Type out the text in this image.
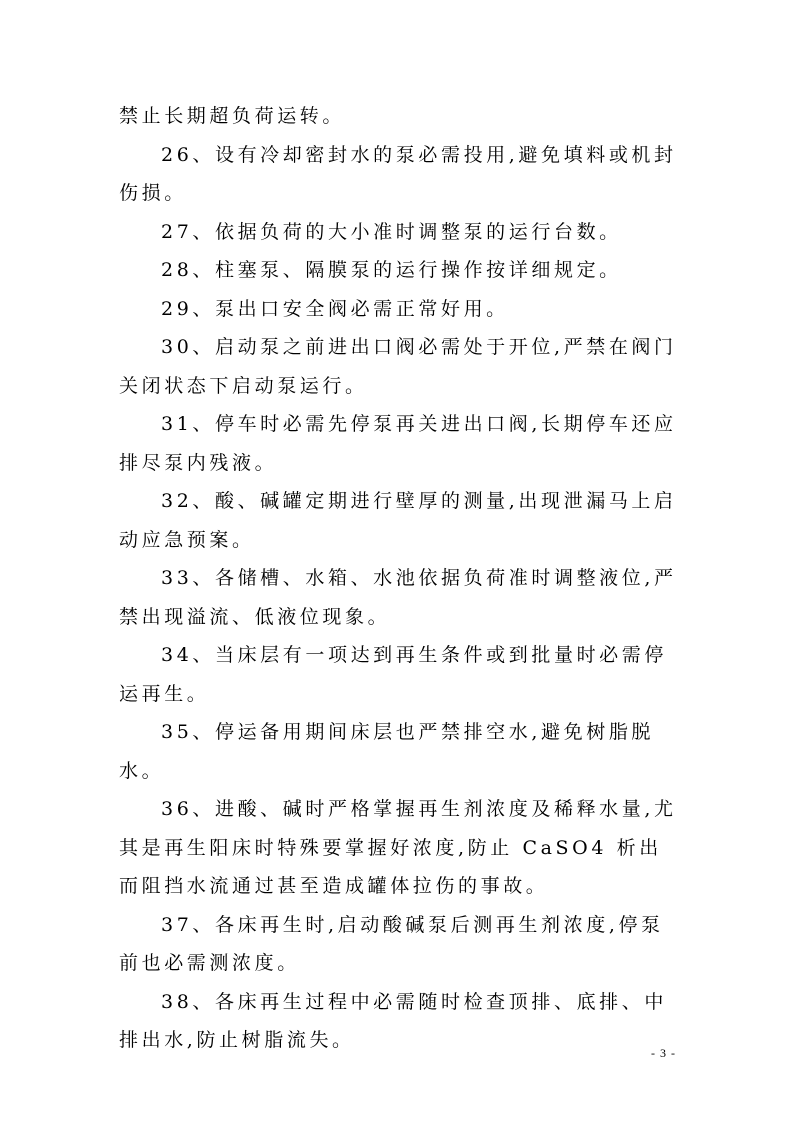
禁止长期超负荷运转。

26、设有冷却密封水的泵必需投用,避免填料或机封伤损。

27、依据负荷的大小准时调整泵的运行台数。

28、柱塞泵、隔膜泵的运行操作按详细规定。

29、泵出口安全阀必需正常好用。

30、启动泵之前进出口阀必需处于开位,严禁在阀门关闭状态下启动泵运行。

31、停车时必需先停泵再关进出口阀,长期停车还应排尽泵内残液。

32、酸、碱罐定期进行壁厚的测量,出现泄漏马上启动应急预案。

33、各储槽、水箱、水池依据负荷准时调整液位,严禁出现溢流、低液位现象。

34、当床层有一项达到再生条件或到批量时必需停运再生。

35、停运备用期间床层也严禁排空水,避免树脂脱水。

36、进酸、碱时严格掌握再生剂浓度及稀释水量,尤其是再生阳床时特殊要掌握好浓度,防止 CaSO4 析出而阻挡水流通过甚至造成罐体拉伤的事故。

37、各床再生时,启动酸碱泵后测再生剂浓度,停泵前也必需测浓度。

38、各床再生过程中必需随时检查顶排、底排、中排出水,防止树脂流失。

- 3 -
